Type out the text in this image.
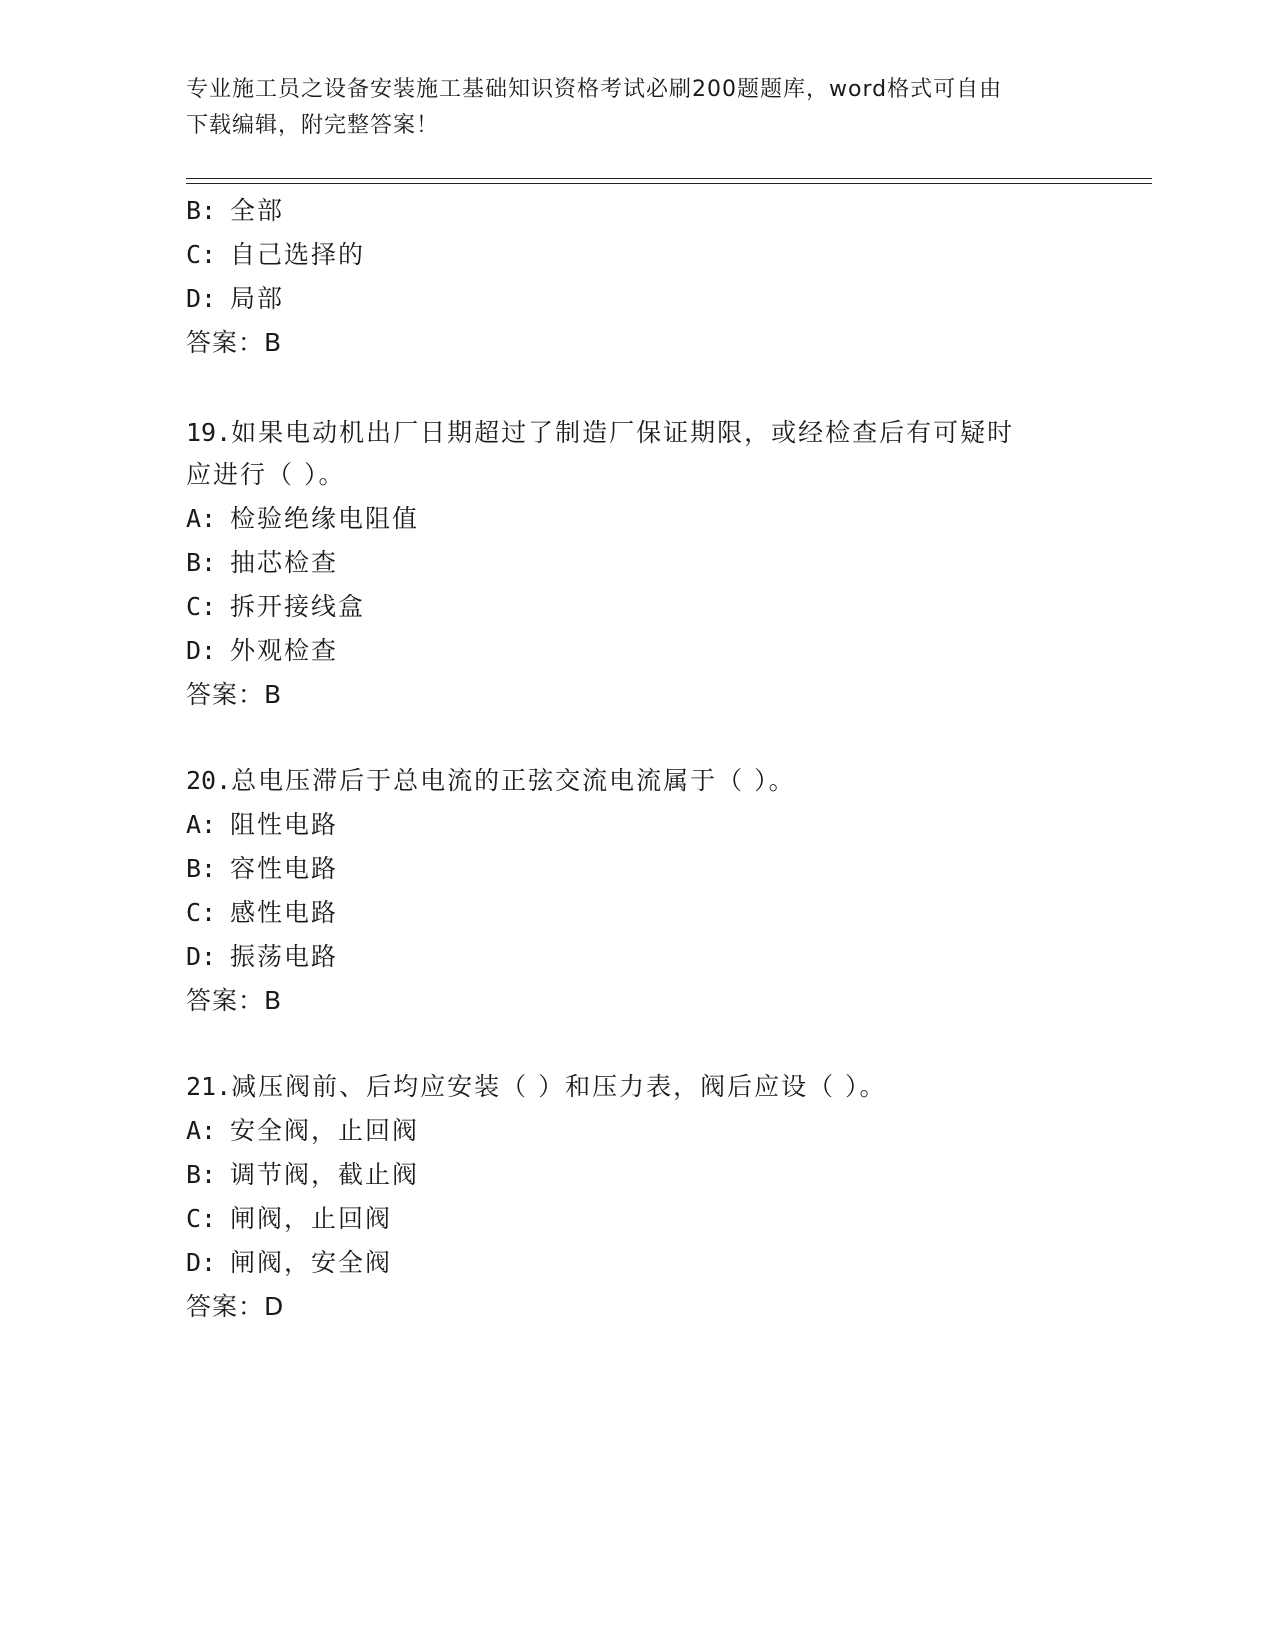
专业施工员之设备安装施工基础知识资格考试必刷200题题库，word格式可自由
下载编辑，附完整答案！
B: 全部
C: 自己选择的
D: 局部
答案：B
19.如果电动机出厂日期超过了制造厂保证期限，或经检查后有可疑时
应进行（ ）。
A: 检验绝缘电阻值
B: 抽芯检查
C: 拆开接线盒
D: 外观检查
答案：B
20.总电压滞后于总电流的正弦交流电流属于（ ）。
A: 阻性电路
B: 容性电路
C: 感性电路
D: 振荡电路
答案：B
21.减压阀前、后均应安装（ ）和压力表，阀后应设（ ）。
A: 安全阀，止回阀
B: 调节阀，截止阀
C: 闸阀，止回阀
D: 闸阀，安全阀
答案：D
